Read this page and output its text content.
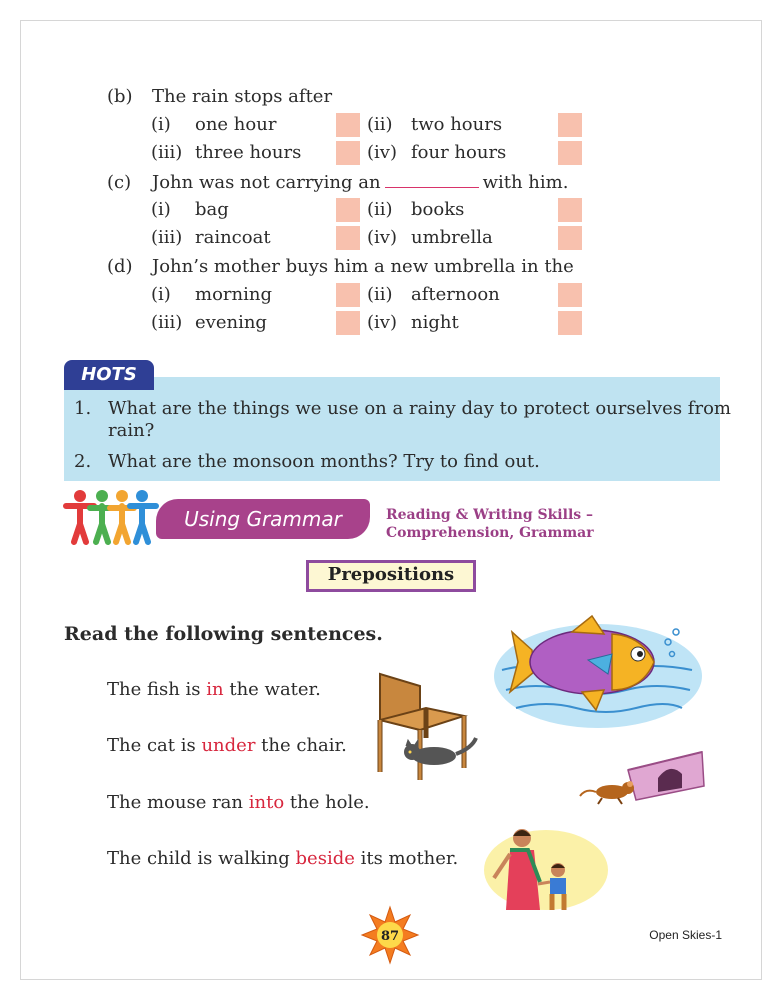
(b) The rain stops after
(i) one hour	(ii) two hours
(iii) three hours	(iv) four hours
(c) John was not carrying an	with him.
(i) bag	(ii) books
(iii) raincoat	(iv) umbrella
(d) John’s mother buys him a new umbrella in the
(i) morning	(ii) afternoon
(iii) evening	(iv) night
HOTS
1. What are the things we use on a rainy day to protect ourselves from
rain?
2. What are the monsoon months? Try to find out.
Using Grammar	Reading & Writing Skills –
Comprehension, Grammar
Prepositions
Read the following sentences.
The fish is in the water.
The cat is under the chair.
The mouse ran into the hole.
The child is walking beside its mother.
87	Open Skies-1
